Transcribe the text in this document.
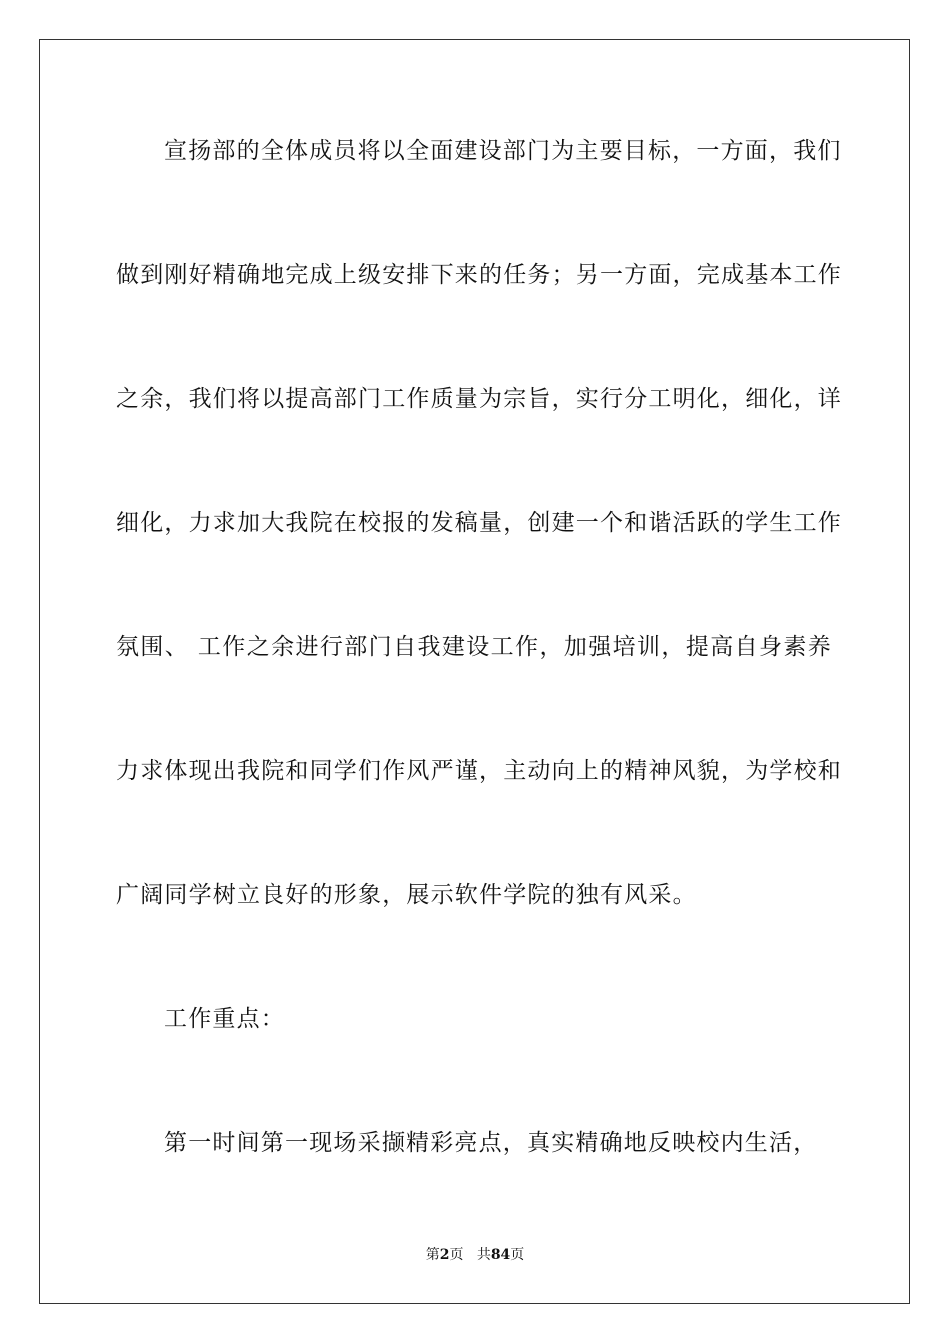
宣扬部的全体成员将以全面建设部门为主要目标，一方面，我们
做到刚好精确地完成上级安排下来的任务；另一方面，完成基本工作
之余，我们将以提高部门工作质量为宗旨，实行分工明化，细化，详
细化，力求加大我院在校报的发稿量，创建一个和谐活跃的学生工作
氛围、 工作之余进行部门自我建设工作，加强培训，提高自身素养
力求体现出我院和同学们作风严谨，主动向上的精神风貌，为学校和
广阔同学树立良好的形象，展示软件学院的独有风采。
工作重点：
第一时间第一现场采撷精彩亮点，真实精确地反映校内生活，
第2页 共84页
